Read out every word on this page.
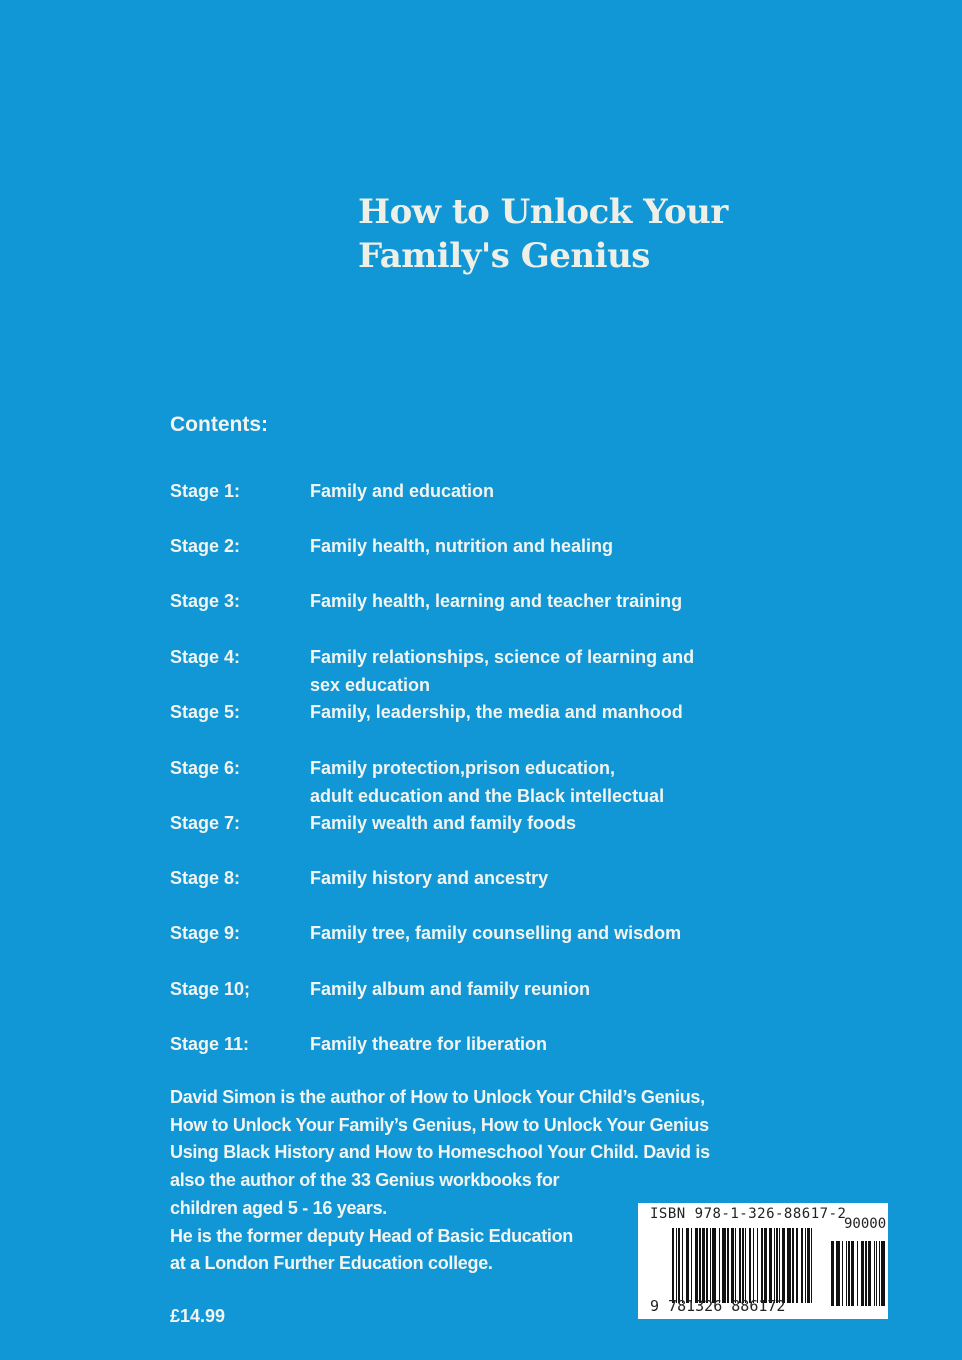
How to Unlock Your
Family's Genius
Contents:
Stage 1:	Family and education
Stage 2:	Family health, nutrition and healing
Stage 3:	Family health, learning and teacher training
Stage 4:	Family relationships, science of learning and
sex education
Stage 5:	Family, leadership, the media and manhood
Stage 6:	Family protection,prison education,
adult education and the Black intellectual
Stage 7:	Family wealth and family foods
Stage 8:	Family history and ancestry
Stage 9:	Family tree, family counselling and wisdom
Stage 10;	Family album and family reunion
Stage 11:	Family theatre for liberation
David Simon is the author of How to Unlock Your Child’s Genius,
How to Unlock Your Family’s Genius, How to Unlock Your Genius
Using Black History and How to Homeschool Your Child. David is
also the author of the 33 Genius workbooks for
children aged 5 - 16 years.
He is the former deputy Head of Basic Education
at a London Further Education college.
£14.99
ISBN 978-1-326-88617-2
90000
9 781326 886172
